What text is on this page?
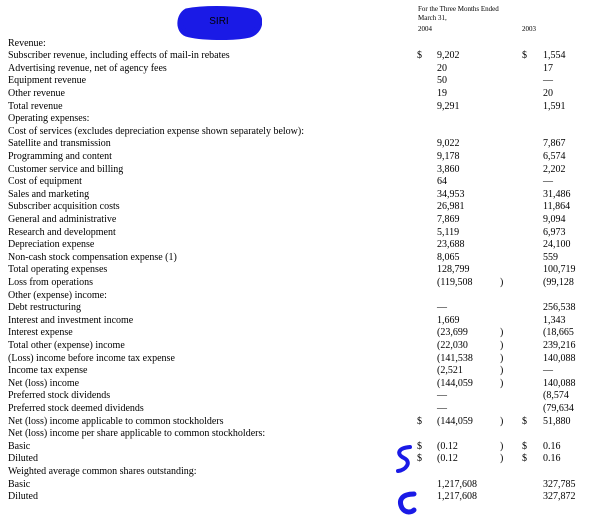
SIRI
For the Three Months Ended
March 31,
2004	2003
Revenue:
Subscriber revenue, including effects of mail-in rebates	$ 9,202	$ 1,554
Advertising revenue, net of agency fees	20	17
Equipment revenue	50	—
Other revenue	19	20
Total revenue	9,291	1,591
Operating expenses:
Cost of services (excludes depreciation expense shown separately below):
Satellite and transmission	9,022	7,867
Programming and content	9,178	6,574
Customer service and billing	3,860	2,202
Cost of equipment	64	—
Sales and marketing	34,953	31,486
Subscriber acquisition costs	26,981	11,864
General and administrative	7,869	9,094
Research and development	5,119	6,973
Depreciation expense	23,688	24,100
Non-cash stock compensation expense (1)	8,065	559
Total operating expenses	128,799	100,719
Loss from operations	(119,508	)	(99,128
Other (expense) income:
Debt restructuring	—	256,538
Interest and investment income	1,669	1,343
Interest expense	(23,699	)	(18,665
Total other (expense) income	(22,030	)	239,216
(Loss) income before income tax expense	(141,538	)	140,088
Income tax expense	(2,521	)	—
Net (loss) income	(144,059	)	140,088
Preferred stock dividends	—	(8,574
Preferred stock deemed dividends	—	(79,634
Net (loss) income applicable to common stockholders	$ (144,059	) $ 51,880
Net (loss) income per share applicable to common stockholders:
Basic	$ (0.12	) $ 0.16
Diluted	$ (0.12	) $ 0.16
Weighted average common shares outstanding:
Basic	1,217,608	327,785
Diluted	1,217,608	327,872
